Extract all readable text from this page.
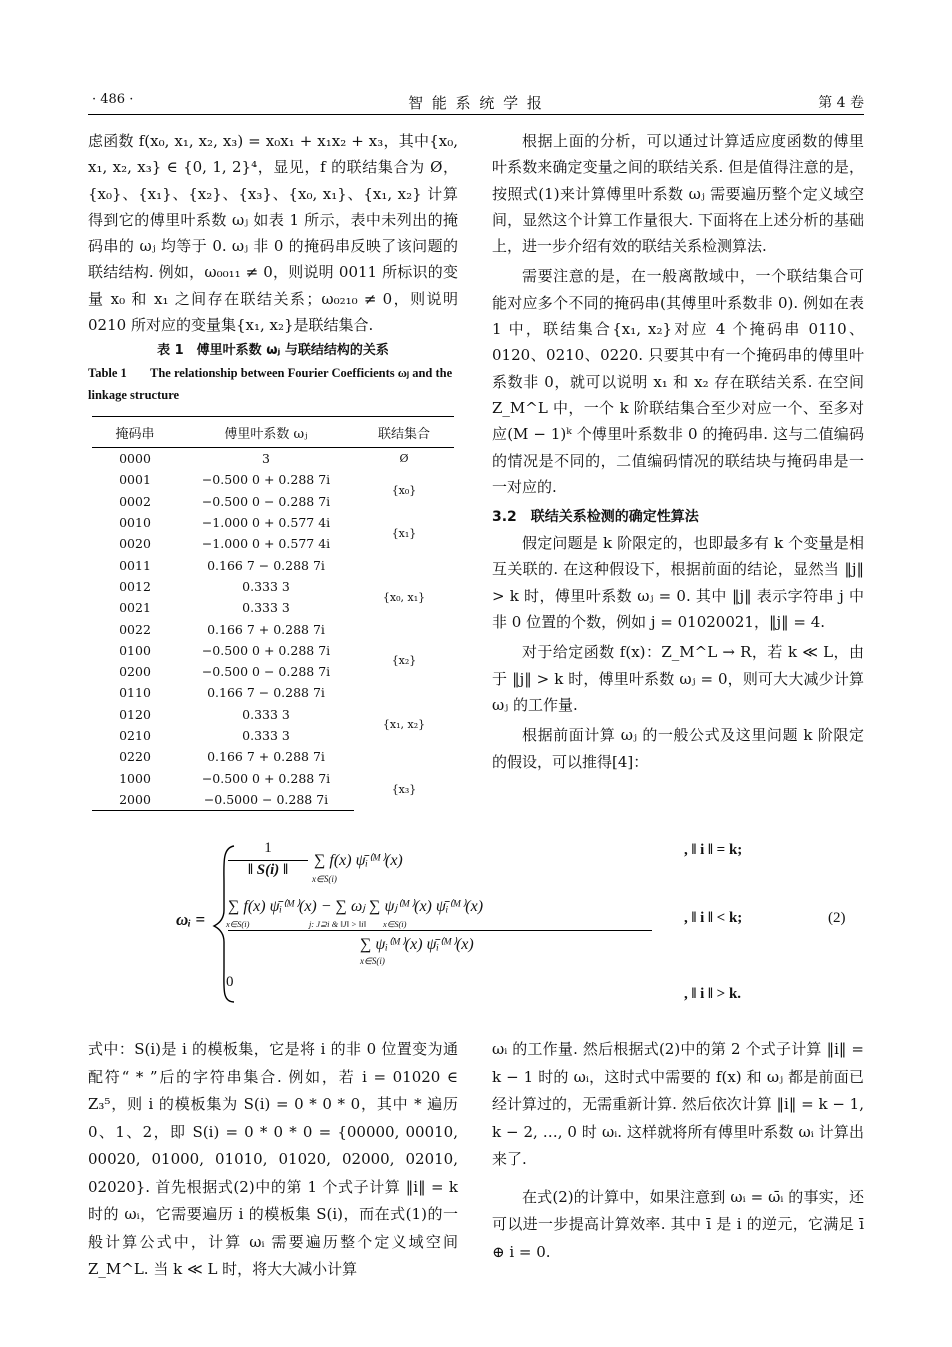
· 486 ·	智 能 系 统 学 报	第 4 卷

虑函数 f(x₀, x₁, x₂, x₃) = x₀x₁ + x₁x₂ + x₃，其中{x₀, x₁, x₂, x₃} ∈ {0, 1, 2}⁴，显见，f 的联结集合为 Ø，{x₀}、{x₁}、{x₂}、{x₃}、{x₀, x₁}、{x₁, x₂} 计算得到它的傅里叶系数 ωⱼ 如表 1 所示，表中未列出的掩码串的 ωⱼ 均等于 0. ωⱼ 非 0 的掩码串反映了该问题的联结结构. 例如，ω₀₀₁₁ ≠ 0，则说明 0011 所标识的变量 x₀ 和 x₁ 之间存在联结关系；ω₀₂₁₀ ≠ 0，则说明 0210 所对应的变量集{x₁, x₂}是联结集合.

表 1　傅里叶系数 ωⱼ 与联结结构的关系
Table 1 The relationship between Fourier Coefficients ωⱼ and the linkage structure
掩码串	傅里叶系数 ωⱼ	联结集合
0000	3	Ø
0001	−0.500 0 + 0.288 7i	{x₀}
0002	−0.500 0 − 0.288 7i	
0010	−1.000 0 + 0.577 4i	{x₁}
0020	−1.000 0 + 0.577 4i	
0011	0.166 7 − 0.288 7i	{x₀, x₁}
0012	0.333 3	
0021	0.333 3	
0022	0.166 7 + 0.288 7i	
0100	−0.500 0 + 0.288 7i	{x₂}
0200	−0.500 0 − 0.288 7i	
0110	0.166 7 − 0.288 7i	{x₁, x₂}
0120	0.333 3	
0210	0.333 3	
0220	0.166 7 + 0.288 7i	
1000	−0.500 0 + 0.288 7i	{x₃}
2000	−0.5000 − 0.288 7i	

根据上面的分析，可以通过计算适应度函数的傅里叶系数来确定变量之间的联结关系. 但是值得注意的是，按照式(1)来计算傅里叶系数 ωⱼ 需要遍历整个定义域空间，显然这个计算工作量很大. 下面将在上述分析的基础上，进一步介绍有效的联结关系检测算法.

需要注意的是，在一般离散域中，一个联结集合可能对应多个不同的掩码串(其傅里叶系数非 0). 例如在表 1 中，联结集合{x₁, x₂}对应 4 个掩码串 0110、0120、0210、0220. 只要其中有一个掩码串的傅里叶系数非 0，就可以说明 x₁ 和 x₂ 存在联结关系. 在空间 Z_M^L 中，一个 k 阶联结集合至少对应一个、至多对应(M − 1)ᵏ 个傅里叶系数非 0 的掩码串. 这与二值编码的情况是不同的，二值编码情况的联结块与掩码串是一一对应的.

3.2　联结关系检测的确定性算法

假定问题是 k 阶限定的，也即最多有 k 个变量是相互关联的. 在这种假设下，根据前面的结论，显然当 ‖j‖ > k 时，傅里叶系数 ωⱼ = 0. 其中 ‖j‖ 表示字符串 j 中非 0 位置的个数，例如 j = 01020021，‖j‖ = 4.

对于给定函数 f(x)：Z_M^L → R，若 k ≪ L，由于 ‖j‖ > k 时，傅里叶系数 ωⱼ = 0，则可大大减少计算 ωⱼ 的工作量.

根据前面计算 ωⱼ 的一般公式及这里问题 k 阶限定的假设，可以推得[4]：

ωᵢ =
1
‖ S(i) ‖
∑ f(x) ψ̄ᵢ⁽ᴹ⁾(x)
x∈S(i)
∑ f(x) ψ̄ᵢ⁽ᴹ⁾(x) − ∑ ωⱼ ∑ ψⱼ⁽ᴹ⁾(x) ψ̄ᵢ⁽ᴹ⁾(x)
x∈S(i)　　　　　　　j: J⊇i & ‖J‖ > ‖i‖　　x∈S(i)
∑ ψᵢ⁽ᴹ⁾(x) ψ̄ᵢ⁽ᴹ⁾(x)
x∈S(i)
0
, ‖ i ‖ = k;
, ‖ i ‖ < k;
, ‖ i ‖ > k.
(2)

式中：S(i)是 i 的模板集，它是将 i 的非 0 位置变为通配符“ * ”后的字符串集合. 例如，若 i = 01020 ∈ Z₃⁵，则 i 的模板集为 S(i) = 0 * 0 * 0，其中 * 遍历 0、1、2，即 S(i) = 0 * 0 * 0 = {00000, 00010, 00020, 01000, 01010, 01020, 02000, 02010, 02020}. 首先根据式(2)中的第 1 个式子计算 ‖i‖ = k 时的 ωᵢ，它需要遍历 i 的模板集 S(i)，而在式(1)的一般计算公式中，计算 ωᵢ 需要遍历整个定义域空间 Z_M^L. 当 k ≪ L 时，将大大减小计算

ωᵢ 的工作量. 然后根据式(2)中的第 2 个式子计算 ‖i‖ = k − 1 时的 ωᵢ，这时式中需要的 f(x) 和 ωⱼ 都是前面已经计算过的，无需重新计算. 然后依次计算 ‖i‖ = k − 1, k − 2, …, 0 时 ωᵢ. 这样就将所有傅里叶系数 ωᵢ 计算出来了.

在式(2)的计算中，如果注意到 ωᵢ = ω̄ᵢ 的事实，还可以进一步提高计算效率. 其中 ī 是 i 的逆元，它满足 ī ⊕ i = 0.
